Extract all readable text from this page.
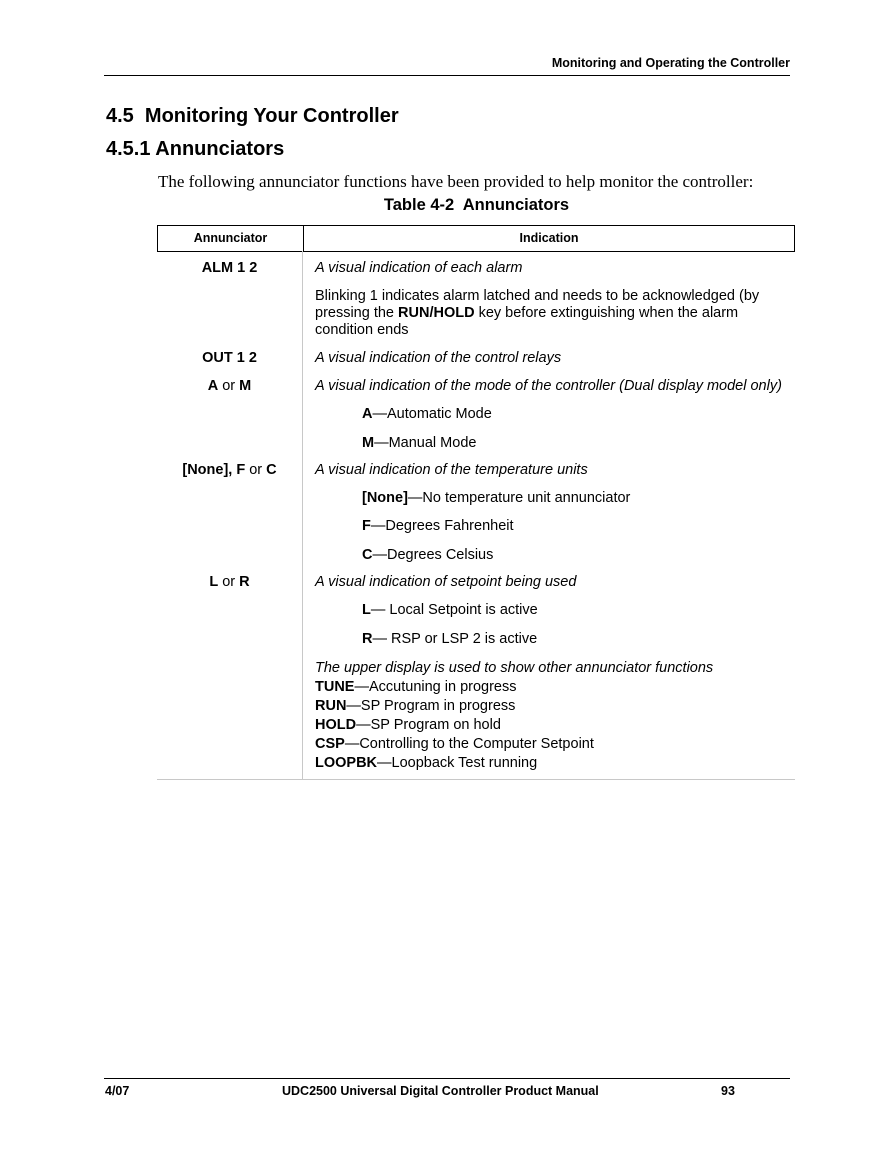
Monitoring and Operating the Controller
4.5  Monitoring Your Controller
4.5.1 Annunciators
The following annunciator functions have been provided to help monitor the controller:
Table 4-2  Annunciators
Annunciator	Indication
ALM 1 2	A visual indication of each alarm
Blinking 1 indicates alarm latched and needs to be acknowledged (by pressing the RUN/HOLD key before extinguishing when the alarm condition ends
OUT 1 2	A visual indication of the control relays
A or M	A visual indication of the mode of the controller (Dual display model only)
A—Automatic Mode
M—Manual Mode
[None], F or C	A visual indication of the temperature units
[None]—No temperature unit annunciator
F—Degrees Fahrenheit
C—Degrees Celsius
L or R	A visual indication of setpoint being used
L— Local Setpoint is active
R— RSP or LSP 2 is active
The upper display is used to show other annunciator functions
TUNE—Accutuning in progress
RUN—SP Program in progress
HOLD—SP Program on hold
CSP—Controlling to the Computer Setpoint
LOOPBK—Loopback Test running
4/07	UDC2500 Universal Digital Controller Product Manual	93
